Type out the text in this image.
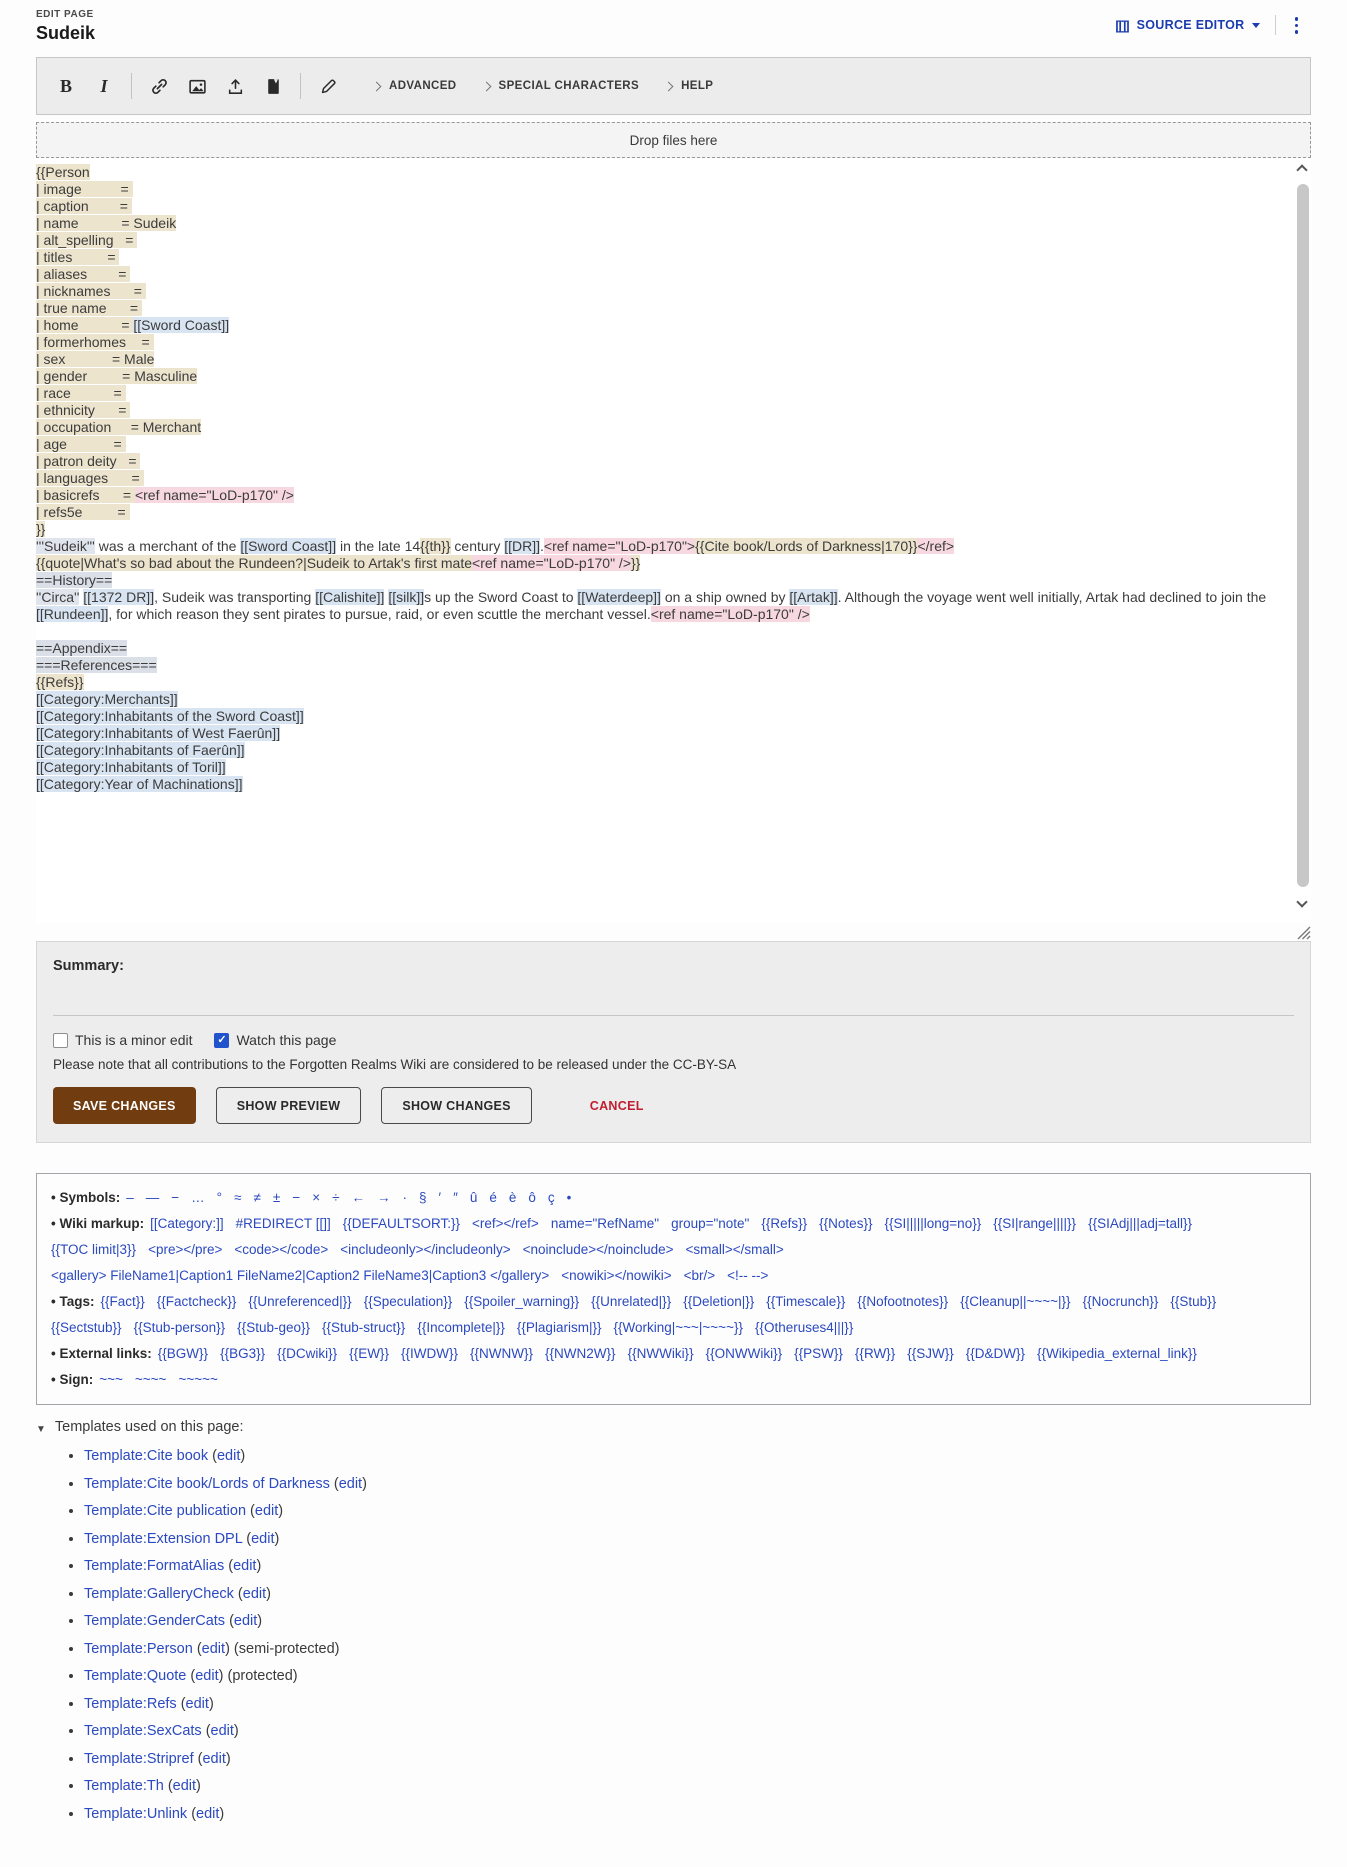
EDIT PAGE
Sudeik	[[]] SOURCE EDITOR
B I	ADVANCED	SPECIAL CHARACTERS	HELP
Drop files here
{{Person
| image          =
| caption        =
| name           = Sudeik
| alt_spelling   =
| titles         =
| aliases        =
| nicknames      =
| true name      =
| home           = [[Sword Coast]]
| formerhomes    =
| sex            = Male
| gender         = Masculine
| race           =
| ethnicity      =
| occupation     = Merchant
| age            =
| patron deity   =
| languages      =
| basicrefs      = <ref name="LoD-p170" />
| refs5e         =
}}
'''Sudeik''' was a merchant of the [[Sword Coast]] in the late 14{{th}} century [[DR]].<ref name="LoD-p170">{{Cite book/Lords of Darkness|170}}</ref>
{{quote|What's so bad about the Rundeen?|Sudeik to Artak's first mate<ref name="LoD-p170" />}}
==History==
''Circa'' [[1372 DR]], Sudeik was transporting [[Calishite]] [[silk]]s up the Sword Coast to [[Waterdeep]] on a ship owned by [[Artak]]. Although the voyage went well initially, Artak had declined to join the [[Rundeen]], for which reason they sent pirates to pursue, raid, or even scuttle the merchant vessel.<ref name="LoD-p170" />

==Appendix==
===References===
{{Refs}}
[[Category:Merchants]]
[[Category:Inhabitants of the Sword Coast]]
[[Category:Inhabitants of West Faerûn]]
[[Category:Inhabitants of Faerûn]]
[[Category:Inhabitants of Toril]]
[[Category:Year of Machinations]]
Summary:
This is a minor edit ✓ Watch this page
Please note that all contributions to the Forgotten Realms Wiki are considered to be released under the CC-BY-SA
SAVE CHANGES	SHOW PREVIEW	SHOW CHANGES	CANCEL
• Symbols: – — − … ° ≈ ≠ ± − × ÷ ← → · § ′ ″ û é è ô ç •
• Wiki markup: [[Category:]] #REDIRECT [[]] {{DEFAULTSORT:}} <ref></ref> name="RefName" group="note" {{Refs}} {{Notes}} {{SI|||||long=no}} {{SI|range||||}} {{SIAdj|||adj=tall}}{{TOC limit|3}} <pre></pre> <code></code> <includeonly></includeonly> <noinclude></noinclude> <small></small><gallery> FileName1|Caption1 FileName2|Caption2 FileName3|Caption3 </gallery> <nowiki></nowiki> <br/> <!-- -->
• Tags: {{Fact}} {{Factcheck}} {{Unreferenced|}} {{Speculation}} {{Spoiler_warning}} {{Unrelated|}} {{Deletion|}} {{Timescale}} {{Nofootnotes}} {{Cleanup||~~~~|}} {{Nocrunch}} {{Stub}}{{Sectstub}} {{Stub-person}} {{Stub-geo}} {{Stub-struct}} {{Incomplete|}} {{Plagiarism|}} {{Working|~~~|~~~~}} {{Otheruses4|||}}
• External links: {{BGW}} {{BG3}} {{DCwiki}} {{EW}} {{IWDW}} {{NWNW}} {{NWN2W}} {{NWWiki}} {{ONWWiki}} {{PSW}} {{RW}} {{SJW}} {{D&DW}} {{Wikipedia_external_link}}
• Sign: ~~~ ~~~~ ~~~~~
▼ Templates used on this page:
• Template:Cite book (edit)
• Template:Cite book/Lords of Darkness (edit)
• Template:Cite publication (edit)
• Template:Extension DPL (edit)
• Template:FormatAlias (edit)
• Template:GalleryCheck (edit)
• Template:GenderCats (edit)
• Template:Person (edit) (semi-protected)
• Template:Quote (edit) (protected)
• Template:Refs (edit)
• Template:SexCats (edit)
• Template:Stripref (edit)
• Template:Th (edit)
• Template:Unlink (edit)
